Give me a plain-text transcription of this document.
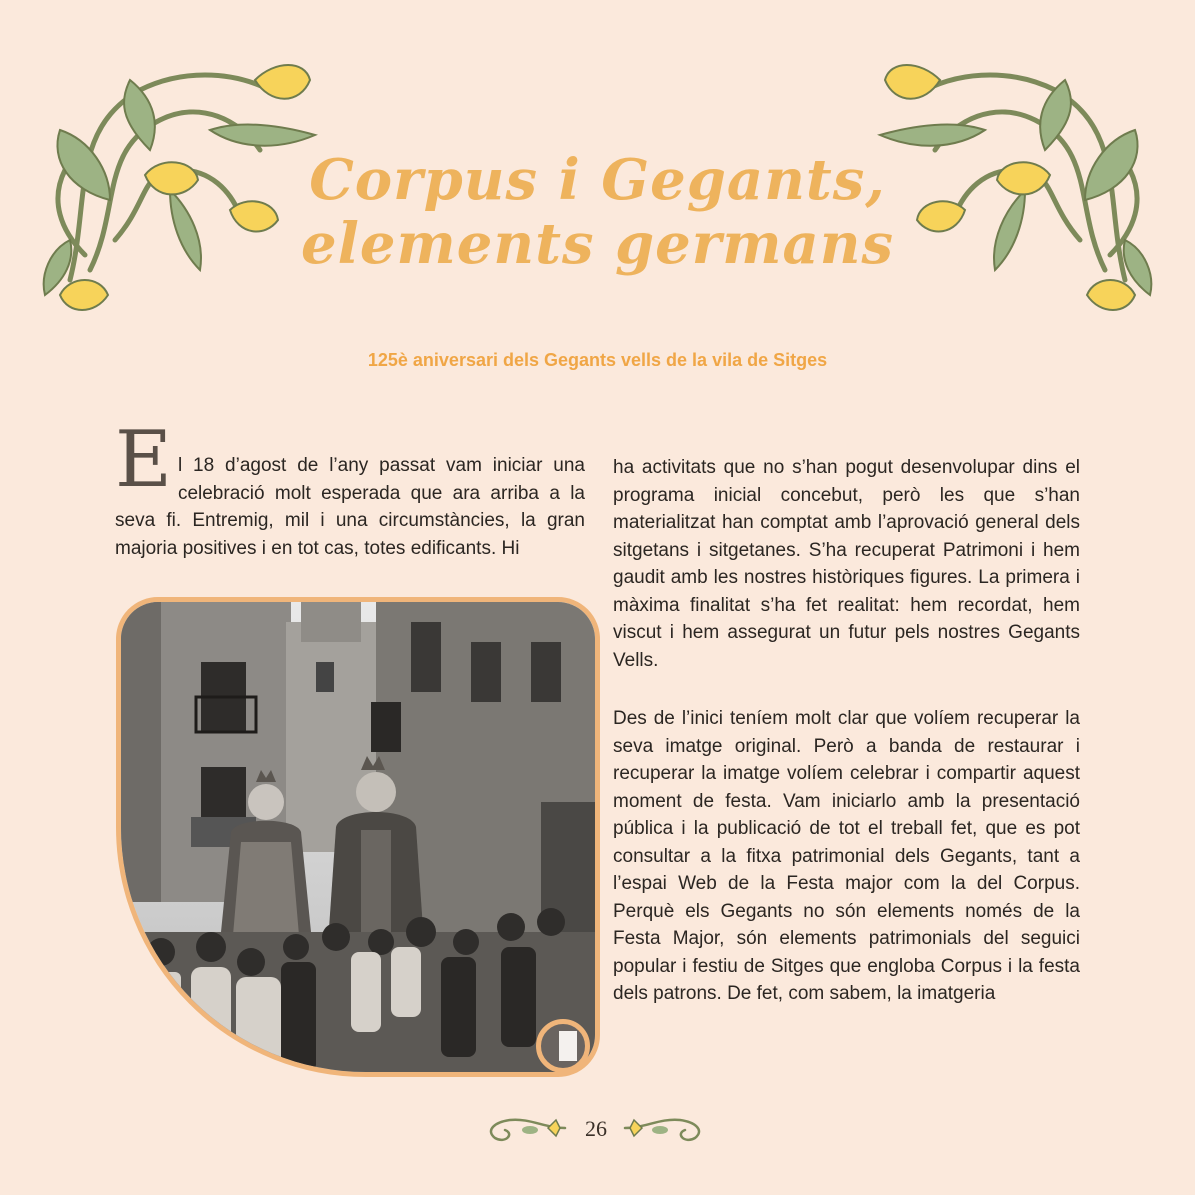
Corpus i Gegants,
elements germans
125è aniversari dels Gegants vells de la vila de Sitges

E l 18 d’agost de l’any passat vam iniciar una celebració molt esperada que ara arriba a la seva fi. Entremig, mil i una circumstàncies, la gran majoria positives i en tot cas, totes edificants. Hi

ha activitats que no s’han pogut desenvolupar dins el programa inicial concebut, però les que s’han materialitzat han comptat amb l’aprovació general dels sitgetans i sitgetanes. S’ha recuperat Patrimoni i hem gaudit amb les nostres històriques figures. La primera i màxima finalitat s’ha fet realitat: hem recordat, hem viscut i hem assegurat un futur pels nostres Gegants Vells.

Des de l’inici teníem molt clar que volíem recuperar la seva imatge original. Però a banda de restaurar i recuperar la imatge volíem celebrar i compartir aquest moment de festa. Vam iniciarlo amb la presentació pública i la publicació de tot el treball fet, que es pot consultar a la fitxa patrimonial dels Gegants, tant a l’espai Web de la Festa major com la del Corpus. Perquè els Gegants no són elements només de la Festa Major, són elements patrimonials del seguici popular i festiu de Sitges que engloba Corpus i la festa dels patrons. De fet, com sabem, la imatgeria

26
